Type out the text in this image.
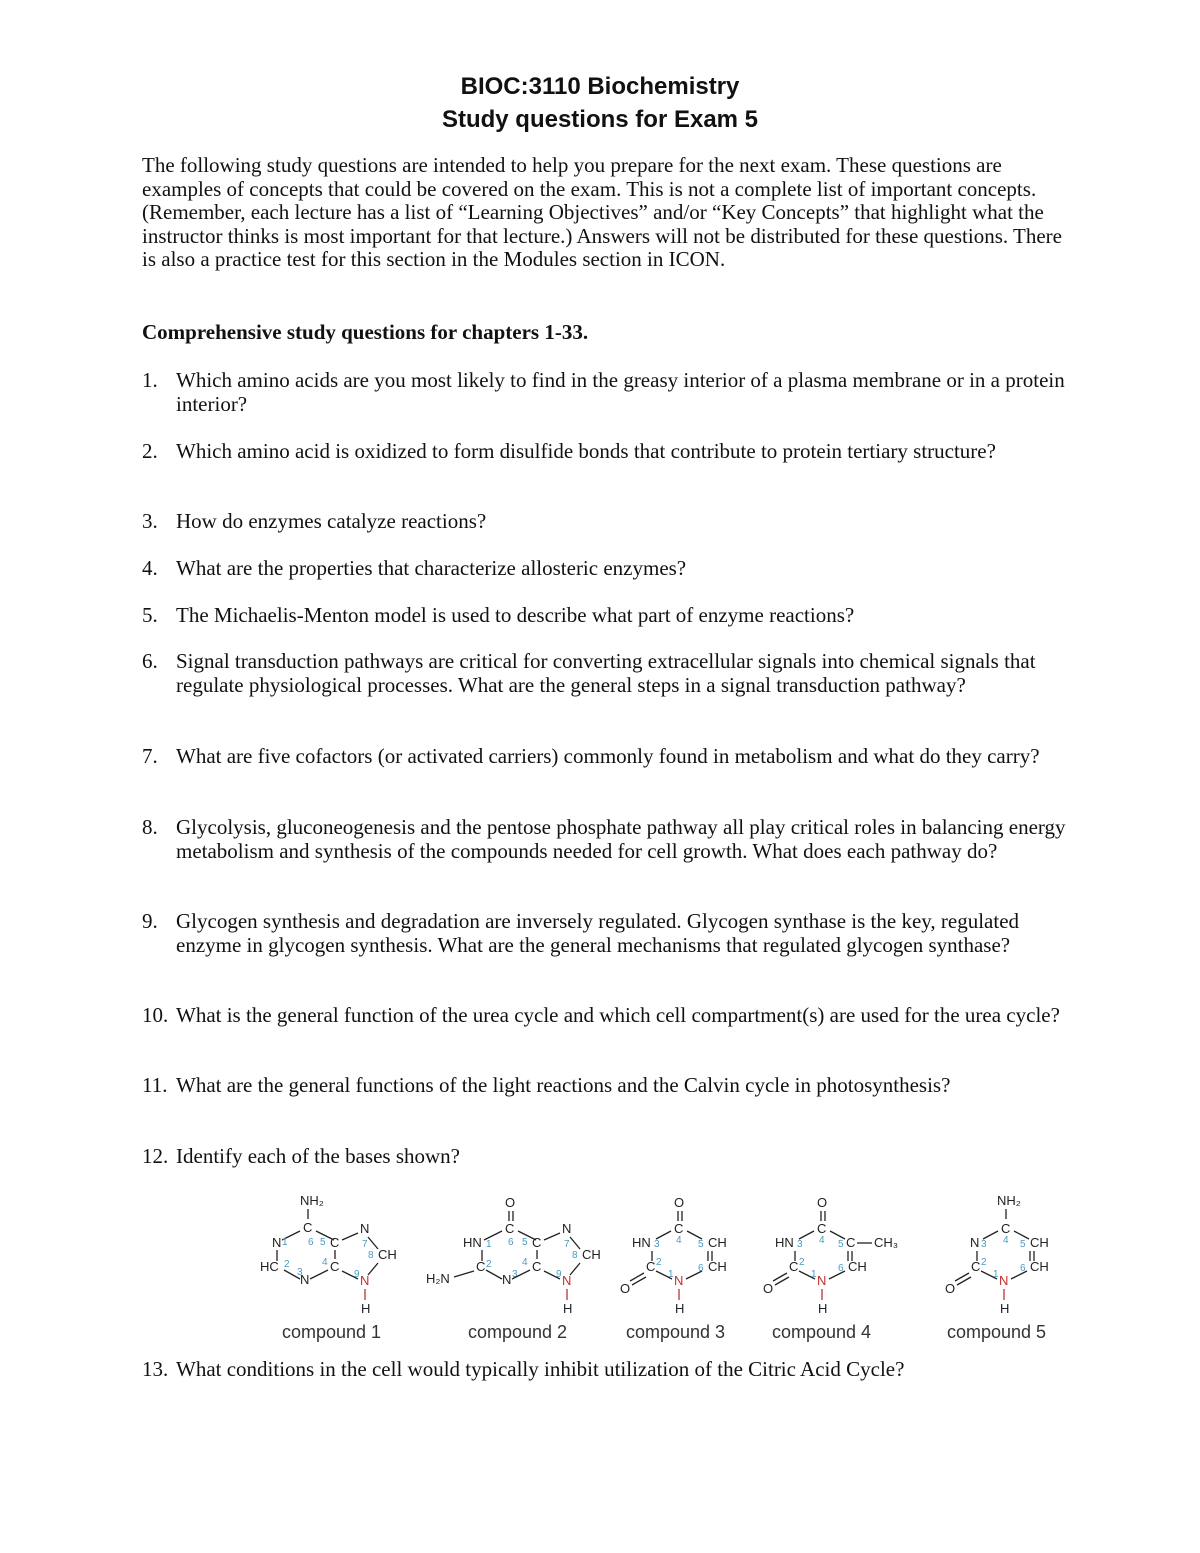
BIOC:3110 Biochemistry
Study questions for Exam 5

The following study questions are intended to help you prepare for the next exam. These questions are examples of concepts that could be covered on the exam. This is not a complete list of important concepts. (Remember, each lecture has a list of “Learning Objectives” and/or “Key Concepts” that highlight what the instructor thinks is most important for that lecture.) Answers will not be distributed for these questions. There is also a practice test for this section in the Modules section in ICON.

Comprehensive study questions for chapters 1-33.
1. Which amino acids are you most likely to find in the greasy interior of a plasma membrane or in a protein interior?
2. Which amino acid is oxidized to form disulfide bonds that contribute to protein tertiary structure?
3. How do enzymes catalyze reactions?
4. What are the properties that characterize allosteric enzymes?
5. The Michaelis-Menton model is used to describe what part of enzyme reactions?
6. Signal transduction pathways are critical for converting extracellular signals into chemical signals that regulate physiological processes. What are the general steps in a signal transduction pathway?
7. What are five cofactors (or activated carriers) commonly found in metabolism and what do they carry?
8. Glycolysis, gluconeogenesis and the pentose phosphate pathway all play critical roles in balancing energy metabolism and synthesis of the compounds needed for cell growth. What does each pathway do?
9. Glycogen synthesis and degradation are inversely regulated. Glycogen synthase is the key, regulated enzyme in glycogen synthesis. What are the general mechanisms that regulated glycogen synthase?
10. What is the general function of the urea cycle and which cell compartment(s) are used for the urea cycle?
11. What are the general functions of the light reactions and the Calvin cycle in photosynthesis?
12. Identify each of the bases shown?
NH₂
C
N 1
HC 2
N
3 C
4
C
5
6
N
7
CH
8
N
9
H
compound 1
O
C
HN 1
C 2
H₂N	N 3
C
4
C
5
6
N
7
CH
8
N
9
H
compound 2
O
C
HN 3 4 CH
5
C 2	CH
6
O
N
1
H
compound 3
O
C
HN 3 4 C
5 CH₃
C 2	CH
6
O
N
1
H
compound 4
NH₂
C
N 3 4 CH
5
C 2	CH
6
O
N
1
H
compound 5
13. What conditions in the cell would typically inhibit utilization of the Citric Acid Cycle?
